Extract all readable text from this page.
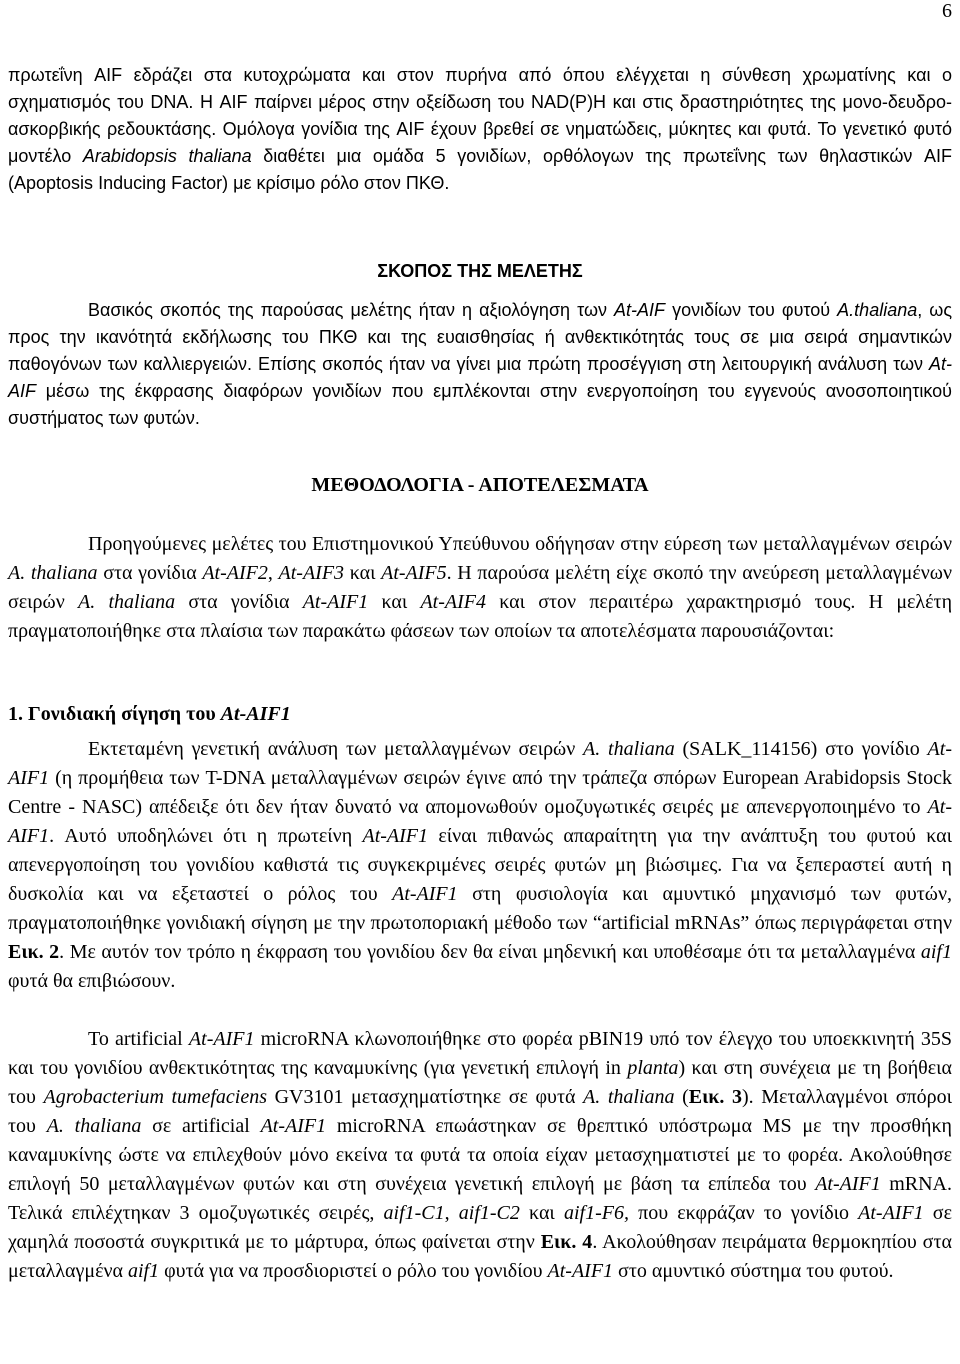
6
πρωτεΐνη AIF εδράζει στα κυτοχρώματα και στον πυρήνα από όπου ελέγχεται η σύνθεση χρωματίνης και ο σχηματισμός του DNA. Η AIF παίρνει μέρος στην οξείδωση του NAD(P)H και στις δραστηριότητες της μονο-δευδρο-ασκορβικής ρεδουκτάσης. Ομόλογα γονίδια της AIF έχουν βρεθεί σε νηματώδεις, μύκητες και φυτά. Το γενετικό φυτό μοντέλο Arabidopsis thaliana διαθέτει μια ομάδα 5 γονιδίων, ορθόλογων της πρωτεΐνης των θηλαστικών AIF (Apoptosis Inducing Factor) με κρίσιμο ρόλο στον ΠΚΘ.
ΣΚΟΠΟΣ ΤΗΣ ΜΕΛΕΤΗΣ
Βασικός σκοπός της παρούσας μελέτης ήταν η αξιολόγηση των At-AIF γονιδίων του φυτού A.thaliana, ως προς την ικανότητά εκδήλωσης του ΠΚΘ και της ευαισθησίας ή ανθεκτικότητάς τους σε μια σειρά σημαντικών παθογόνων των καλλιεργειών. Επίσης σκοπός ήταν να γίνει μια πρώτη προσέγγιση στη λειτουργική ανάλυση των At-AIF μέσω της έκφρασης διαφόρων γονιδίων που εμπλέκονται στην ενεργοποίηση του εγγενούς ανοσοποιητικού συστήματος των φυτών.
ΜΕΘΟΔΟΛΟΓΙΑ - ΑΠΟΤΕΛΕΣΜΑΤΑ
Προηγούμενες μελέτες του Επιστημονικού Υπεύθυνου οδήγησαν στην εύρεση των μεταλλαγμένων σειρών A. thaliana στα γονίδια At-AIF2, At-AIF3 και At-AIF5. Η παρούσα μελέτη είχε σκοπό την ανεύρεση μεταλλαγμένων σειρών A. thaliana στα γονίδια At-AIF1 και At-AIF4 και στον περαιτέρω χαρακτηρισμό τους. Η μελέτη πραγματοποιήθηκε στα πλαίσια των παρακάτω φάσεων των οποίων τα αποτελέσματα παρουσιάζονται:
1. Γονιδιακή σίγηση του At-AIF1
Εκτεταμένη γενετική ανάλυση των μεταλλαγμένων σειρών A. thaliana (SALK_114156) στο γονίδιο At-AIF1 (η προμήθεια των T-DNA μεταλλαγμένων σειρών έγινε από την τράπεζα σπόρων European Arabidopsis Stock Centre - NASC) απέδειξε ότι δεν ήταν δυνατό να απομονωθούν ομοζυγωτικές σειρές με απενεργοποιημένο το At-AIF1. Αυτό υποδηλώνει ότι η πρωτείνη At-AIF1 είναι πιθανώς απαραίτητη για την ανάπτυξη του φυτού και απενεργοποίηση του γονιδίου καθιστά τις συγκεκριμένες σειρές φυτών μη βιώσιμες. Για να ξεπεραστεί αυτή η δυσκολία και να εξεταστεί ο ρόλος του At-AIF1 στη φυσιολογία και αμυντικό μηχανισμό των φυτών, πραγματοποιήθηκε γονιδιακή σίγηση με την πρωτοποριακή μέθοδο των “artificial mRNAs” όπως περιγράφεται στην Εικ. 2. Με αυτόν τον τρόπο η έκφραση του γονιδίου δεν θα είναι μηδενική και υποθέσαμε ότι τα μεταλλαγμένα aif1 φυτά θα επιβιώσουν.
Το artificial At-AIF1 microRNA κλωνοποιήθηκε στο φορέα pBIN19 υπό τον έλεγχο του υποεκκινητή 35S και του γονιδίου ανθεκτικότητας της καναμυκίνης (για γενετική επιλογή in planta) και στη συνέχεια με τη βοήθεια του Agrobacterium tumefaciens GV3101 μετασχηματίστηκε σε φυτά A. thaliana (Εικ. 3). Μεταλλαγμένοι σπόροι του A. thaliana σε artificial At-AIF1 microRNA επωάστηκαν σε θρεπτικό υπόστρωμα MS με την προσθήκη καναμυκίνης ώστε να επιλεχθούν μόνο εκείνα τα φυτά τα οποία είχαν μετασχηματιστεί με το φορέα. Ακολούθησε επιλογή 50 μεταλλαγμένων φυτών και στη συνέχεια γενετική επιλογή με βάση τα επίπεδα του At-AIF1 mRNA. Τελικά επιλέχτηκαν 3 ομοζυγωτικές σειρές, aif1-C1, aif1-C2 και aif1-F6, που εκφράζαν το γονίδιο At-AIF1 σε χαμηλά ποσοστά συγκριτικά με το μάρτυρα, όπως φαίνεται στην Εικ. 4. Ακολούθησαν πειράματα θερμοκηπίου στα μεταλλαγμένα aif1 φυτά για να προσδιοριστεί ο ρόλο του γονιδίου At-AIF1 στο αμυντικό σύστημα του φυτού.
